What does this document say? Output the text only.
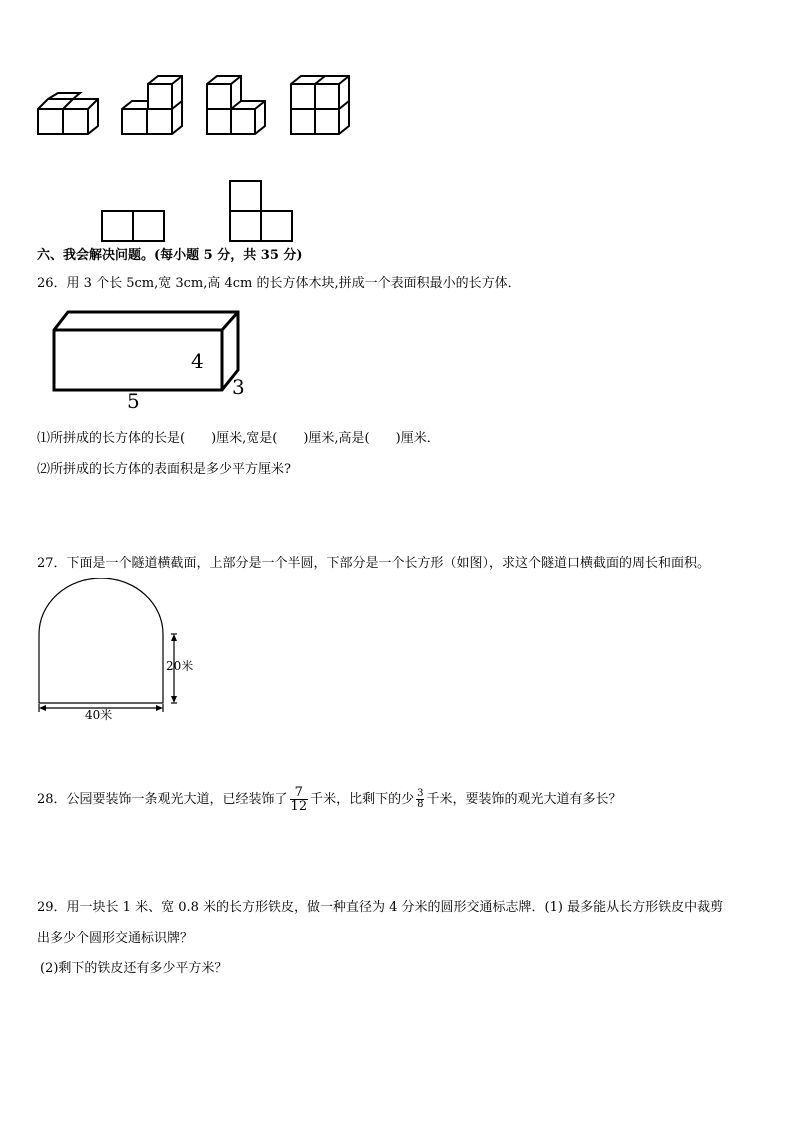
六、我会解决问题。(每小题 5 分，共 35 分)
26．用 3 个长 5cm,宽 3cm,高 4cm 的长方体木块,拼成一个表面积最小的长方体．
4
3
5
⑴所拼成的长方体的长是(　　)厘米,宽是(　　)厘米,高是(　　)厘米．
⑵所拼成的长方体的表面积是多少平方厘米?
27．下面是一个隧道横截面，上部分是一个半圆，下部分是一个长方形（如图），求这个隧道口横截面的周长和面积。
20米
40米
28．公园要装饰一条观光大道，已经装饰了 $\frac{7}{12}$ 千米，比剩下的少 $\frac{3}{8}$ 千米，要装饰的观光大道有多长？
29．用一块长 1 米、宽 0.8 米的长方形铁皮，做一种直径为 4 分米的圆形交通标志牌．(1) 最多能从长方形铁皮中裁剪
出多少个圆形交通标识牌？
(2)剩下的铁皮还有多少平方米？
